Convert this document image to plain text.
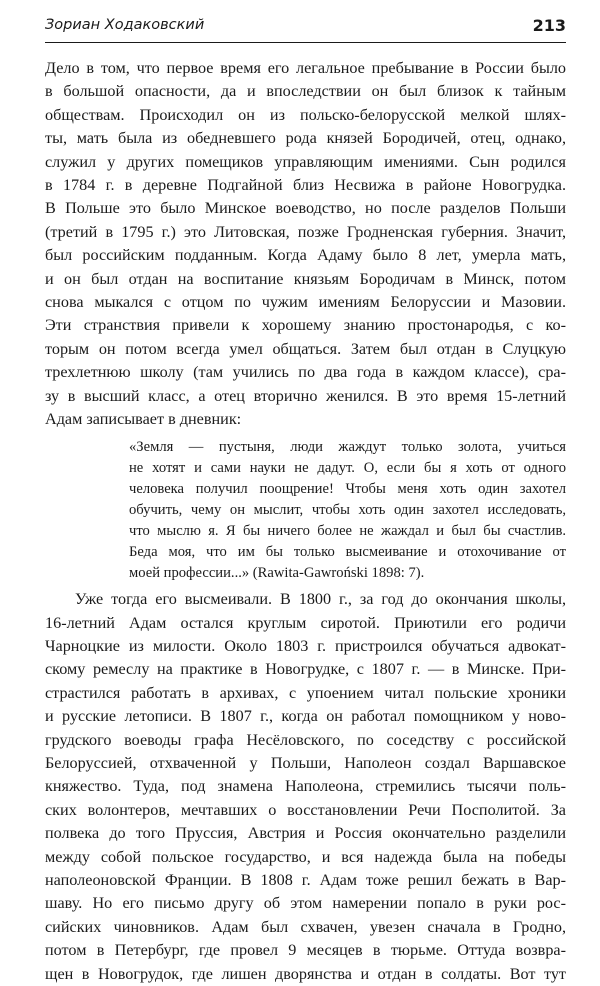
Зориан Ходаковский	213
Дело в том, что первое время его легальное пребывание в России было
в большой опасности, да и впоследствии он был близок к тайным
обществам. Происходил он из польско-белорусской мелкой шлях-
ты, мать была из обедневшего рода князей Бородичей, отец, однако,
служил у других помещиков управляющим имениями. Сын родился
в 1784 г. в деревне Подгайной близ Несвижа в районе Новогрудка.
В Польше это было Минское воеводство, но после разделов Польши
(третий в 1795 г.) это Литовская, позже Гродненская губерния. Значит,
был российским подданным. Когда Адаму было 8 лет, умерла мать,
и он был отдан на воспитание князьям Бородичам в Минск, потом
снова мыкался с отцом по чужим имениям Белоруссии и Мазовии.
Эти странствия привели к хорошему знанию простонародья, с ко-
торым он потом всегда умел общаться. Затем был отдан в Слуцкую
трехлетнюю школу (там учились по два года в каждом классе), сра-
зу в высший класс, а отец вторично женился. В это время 15-летний
Адам записывает в дневник:
«Земля — пустыня, люди жаждут только золота, учиться
не хотят и сами науки не дадут. О, если бы я хоть от одного
человека получил поощрение! Чтобы меня хоть один захотел
обучить, чему он мыслит, чтобы хоть один захотел исследовать,
что мыслю я. Я бы ничего более не жаждал и был бы счастлив.
Беда моя, что им бы только высмеивание и отохочивание от
моей профессии...» (Rawita-Gawroński 1898: 7).
Уже тогда его высмеивали. В 1800 г., за год до окончания школы,
16-летний Адам остался круглым сиротой. Приютили его родичи
Чарноцкие из милости. Около 1803 г. пристроился обучаться адвокат-
скому ремеслу на практике в Новогрудке, с 1807 г. — в Минске. При-
страстился работать в архивах, с упоением читал польские хроники
и русские летописи. В 1807 г., когда он работал помощником у ново-
грудского воеводы графа Несёловского, по соседству с российской
Белоруссией, отхваченной у Польши, Наполеон создал Варшавское
княжество. Туда, под знамена Наполеона, стремились тысячи поль-
ских волонтеров, мечтавших о восстановлении Речи Посполитой. За
полвека до того Пруссия, Австрия и Россия окончательно разделили
между собой польское государство, и вся надежда была на победы
наполеоновской Франции. В 1808 г. Адам тоже решил бежать в Вар-
шаву. Но его письмо другу об этом намерении попало в руки рос-
сийских чиновников. Адам был схвачен, увезен сначала в Гродно,
потом в Петербург, где провел 9 месяцев в тюрьме. Оттуда возвра-
щен в Новогрудок, где лишен дворянства и отдан в солдаты. Вот тут
